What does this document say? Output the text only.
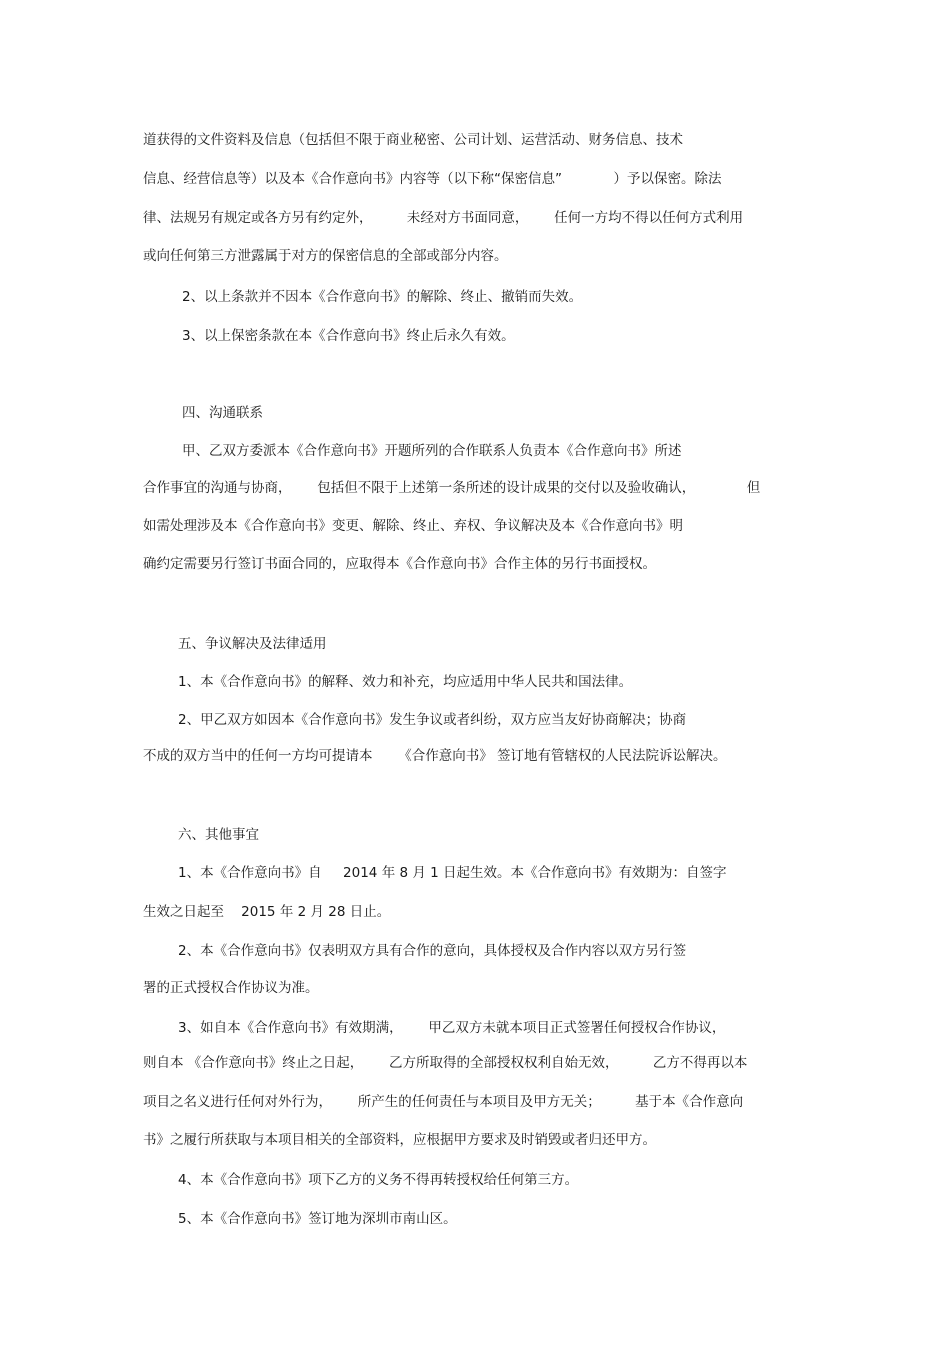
道获得的文件资料及信息（包括但不限于商业秘密、公司计划、运营活动、财务信息、技术

信息、经营信息等）以及本《合作意向书》内容等（以下称“保密信息”            ）予以保密。除法

律、法规另有规定或各方另有约定外，        未经对方书面同意，      任何一方均不得以任何方式利用

或向任何第三方泄露属于对方的保密信息的全部或部分内容。

2、以上条款并不因本《合作意向书》的解除、终止、撤销而失效。

3、以上保密条款在本《合作意向书》终止后永久有效。

四、沟通联系

甲、乙双方委派本《合作意向书》开题所列的合作联系人负责本《合作意向书》所述

合作事宜的沟通与协商，      包括但不限于上述第一条所述的设计成果的交付以及验收确认，            但

如需处理涉及本《合作意向书》变更、解除、终止、弃权、争议解决及本《合作意向书》明

确约定需要另行签订书面合同的，应取得本《合作意向书》合作主体的另行书面授权。

五、争议解决及法律适用

1、本《合作意向书》的解释、效力和补充，均应适用中华人民共和国法律。

2、甲乙双方如因本《合作意向书》发生争议或者纠纷，双方应当友好协商解决；协商

不成的双方当中的任何一方均可提请本      《合作意向书》 签订地有管辖权的人民法院诉讼解决。

六、其他事宜

1、本《合作意向书》自     2014 年 8 月 1 日起生效。本《合作意向书》有效期为：自签字

生效之日起至    2015 年 2 月 28 日止。

2、本《合作意向书》仅表明双方具有合作的意向，具体授权及合作内容以双方另行签

署的正式授权合作协议为准。

3、如自本《合作意向书》有效期满，      甲乙双方未就本项目正式签署任何授权合作协议，

则自本 《合作意向书》终止之日起，      乙方所取得的全部授权权利自始无效，        乙方不得再以本

项目之名义进行任何对外行为，      所产生的任何责任与本项目及甲方无关；        基于本《合作意向

书》之履行所获取与本项目相关的全部资料，应根据甲方要求及时销毁或者归还甲方。

4、本《合作意向书》项下乙方的义务不得再转授权给任何第三方。

5、本《合作意向书》签订地为深圳市南山区。
